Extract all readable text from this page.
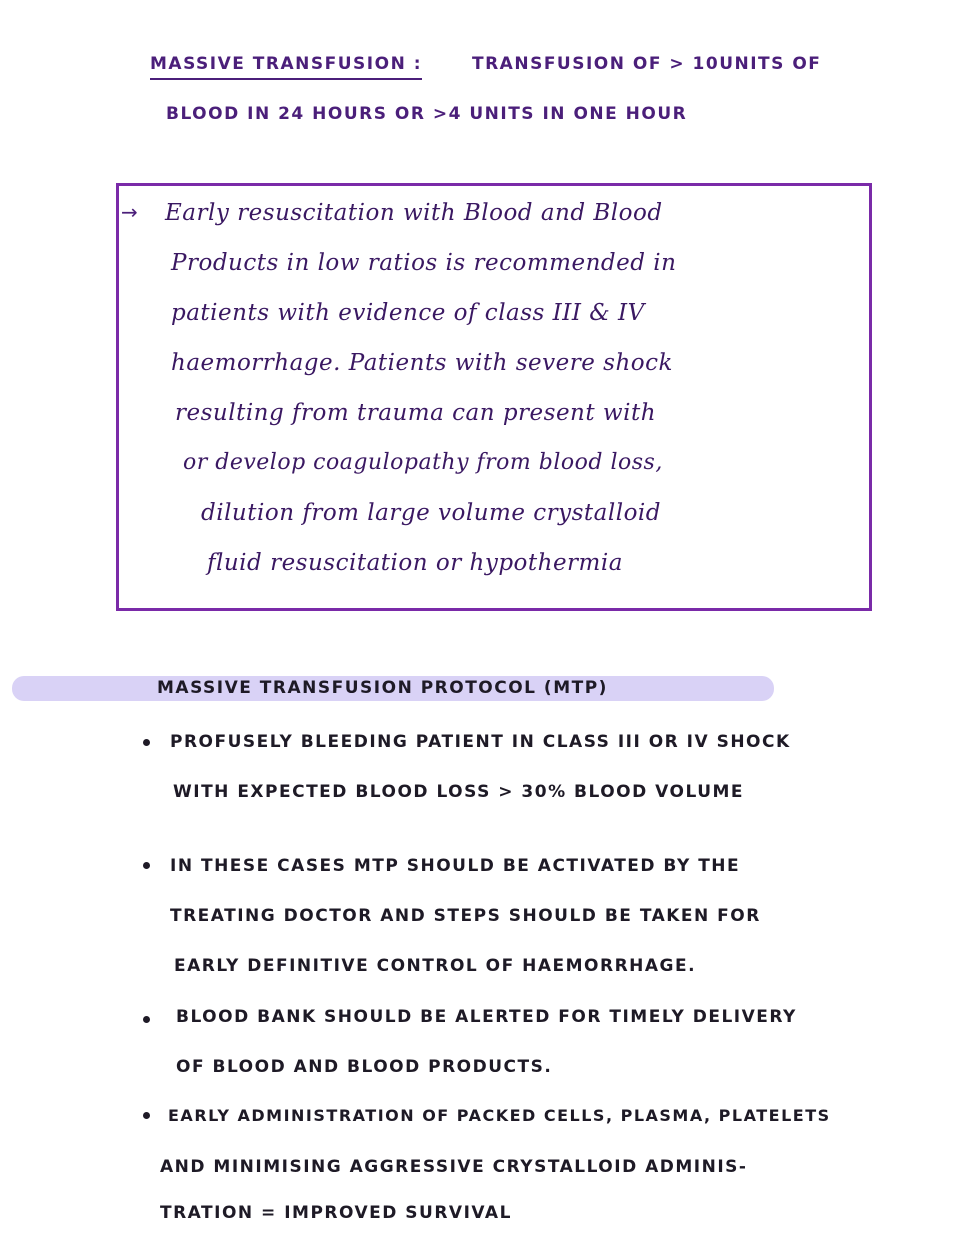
MASSIVE TRANSFUSION :	TRANSFUSION OF > 10UNITS OF
BLOOD IN 24 HOURS OR >4 UNITS IN ONE HOUR
→ Early resuscitation with Blood and Blood
Products in low ratios is recommended in
patients with evidence of class III & IV
haemorrhage. Patients with severe shock
resulting from trauma can present with
or develop coagulopathy from blood loss,
dilution from large volume crystalloid
fluid resuscitation or hypothermia
MASSIVE TRANSFUSION PROTOCOL (MTP)
PROFUSELY BLEEDING PATIENT IN CLASS III OR IV SHOCK
WITH EXPECTED BLOOD LOSS > 30% BLOOD VOLUME
IN THESE CASES MTP SHOULD BE ACTIVATED BY THE
TREATING DOCTOR AND STEPS SHOULD BE TAKEN FOR
EARLY DEFINITIVE CONTROL OF HAEMORRHAGE.
BLOOD BANK SHOULD BE ALERTED FOR TIMELY DELIVERY
OF BLOOD AND BLOOD PRODUCTS.
EARLY ADMINISTRATION OF PACKED CELLS, PLASMA, PLATELETS
AND MINIMISING AGGRESSIVE CRYSTALLOID ADMINIS-
TRATION = IMPROVED SURVIVAL
